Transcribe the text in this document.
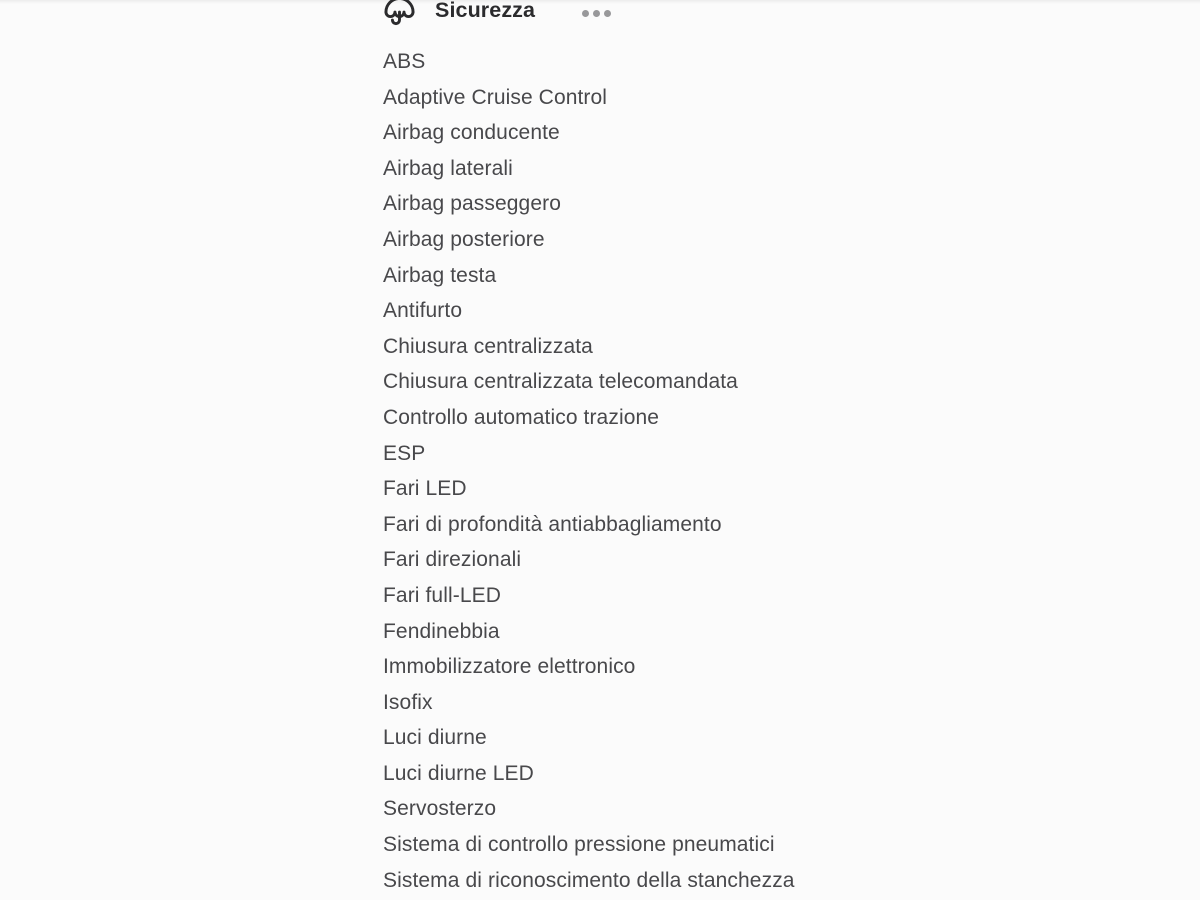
Sicurezza
ABS
Adaptive Cruise Control
Airbag conducente
Airbag laterali
Airbag passeggero
Airbag posteriore
Airbag testa
Antifurto
Chiusura centralizzata
Chiusura centralizzata telecomandata
Controllo automatico trazione
ESP
Fari LED
Fari di profondità antiabbagliamento
Fari direzionali
Fari full-LED
Fendinebbia
Immobilizzatore elettronico
Isofix
Luci diurne
Luci diurne LED
Servosterzo
Sistema di controllo pressione pneumatici
Sistema di riconoscimento della stanchezza
